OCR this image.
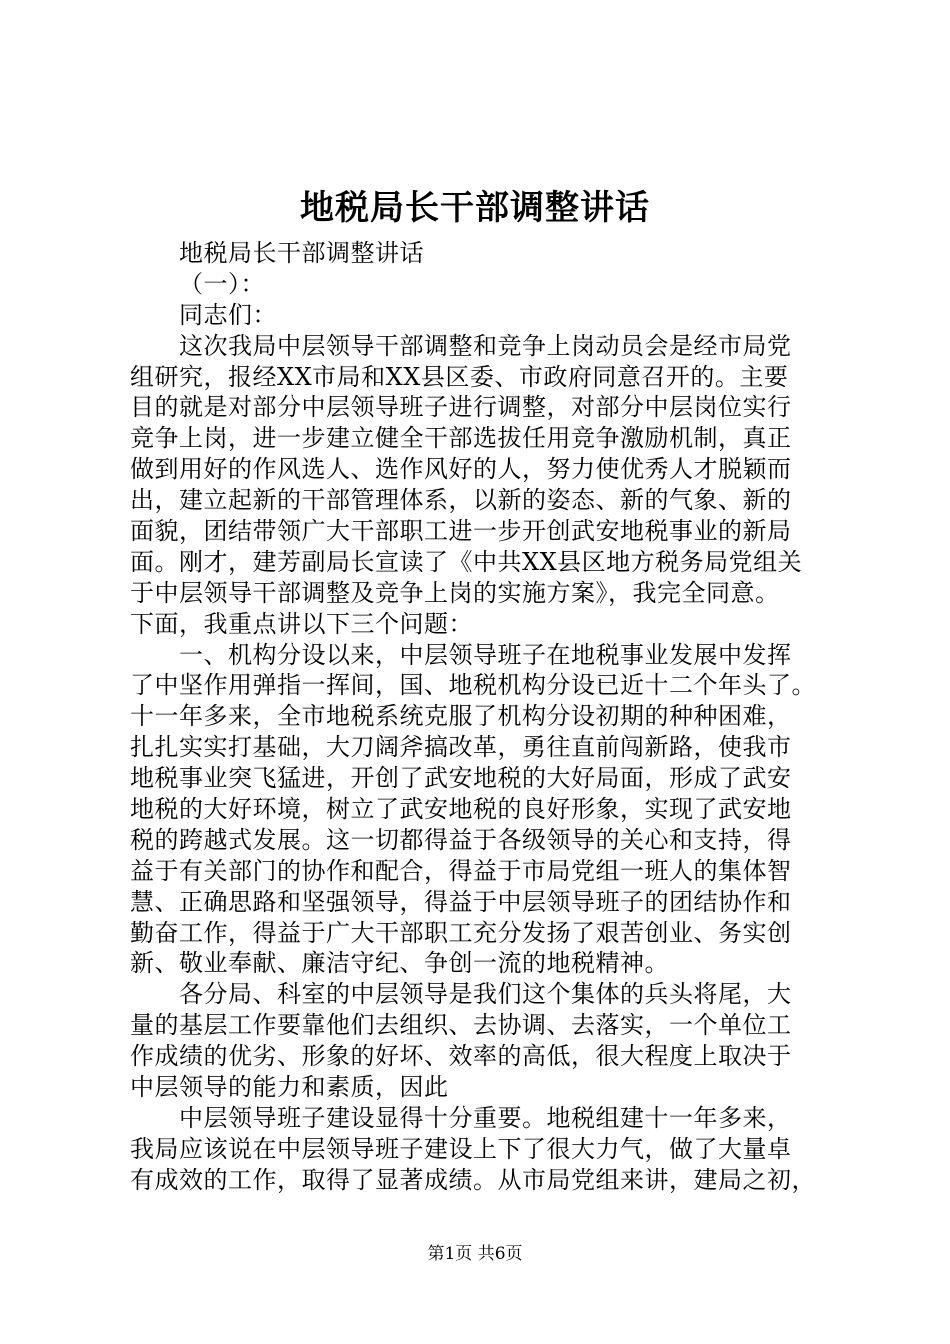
地税局长干部调整讲话
地税局长干部调整讲话
（一）：
同志们：
这次我局中层领导干部调整和竞争上岗动员会是经市局党
组研究，报经XX市局和XX县区委、市政府同意召开的。主要
目的就是对部分中层领导班子进行调整，对部分中层岗位实行
竞争上岗，进一步建立健全干部选拔任用竞争激励机制，真正
做到用好的作风选人、选作风好的人，努力使优秀人才脱颖而
出，建立起新的干部管理体系，以新的姿态、新的气象、新的
面貌，团结带领广大干部职工进一步开创武安地税事业的新局
面。刚才，建芳副局长宣读了《中共XX县区地方税务局党组关
于中层领导干部调整及竞争上岗的实施方案》，我完全同意。
下面，我重点讲以下三个问题：
一、机构分设以来，中层领导班子在地税事业发展中发挥
了中坚作用弹指一挥间，国、地税机构分设已近十二个年头了。
十一年多来，全市地税系统克服了机构分设初期的种种困难，
扎扎实实打基础，大刀阔斧搞改革，勇往直前闯新路，使我市
地税事业突飞猛进，开创了武安地税的大好局面，形成了武安
地税的大好环境，树立了武安地税的良好形象，实现了武安地
税的跨越式发展。这一切都得益于各级领导的关心和支持，得
益于有关部门的协作和配合，得益于市局党组一班人的集体智
慧、正确思路和坚强领导，得益于中层领导班子的团结协作和
勤奋工作，得益于广大干部职工充分发扬了艰苦创业、务实创
新、敬业奉献、廉洁守纪、争创一流的地税精神。
各分局、科室的中层领导是我们这个集体的兵头将尾，大
量的基层工作要靠他们去组织、去协调、去落实，一个单位工
作成绩的优劣、形象的好坏、效率的高低，很大程度上取决于
中层领导的能力和素质，因此
中层领导班子建设显得十分重要。地税组建十一年多来，
我局应该说在中层领导班子建设上下了很大力气，做了大量卓
有成效的工作，取得了显著成绩。从市局党组来讲，建局之初，
第1页 共6页
